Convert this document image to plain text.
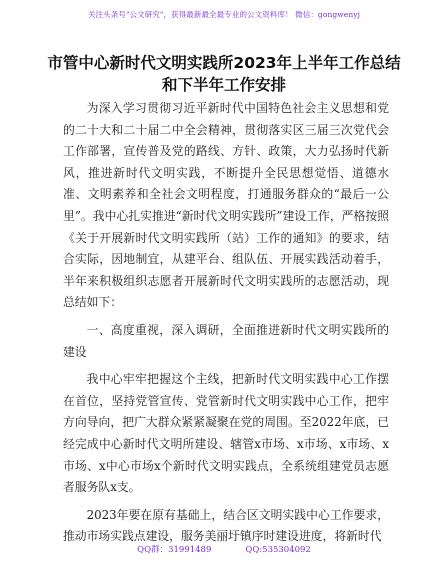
关注头条号"公文研究"，获得最新最全最专业的公文资料库！ 微信：gongwenyj
市管中心新时代文明实践所2023年上半年工作总结和下半年工作安排

为深入学习贯彻习近平新时代中国特色社会主义思想和党的二十大和二十届二中全会精神，贯彻落实区三届三次党代会工作部署，宣传普及党的路线、方针、政策，大力弘扬时代新风，推进新时代文明实践，不断提升全民思想觉悟、道德水准、文明素养和全社会文明程度，打通服务群众的“最后一公里”。我中心扎实推进“新时代文明实践所”建设工作，严格按照《关于开展新时代文明实践所（站）工作的通知》的要求，结合实际，因地制宜，从建平台、组队伍、开展实践活动着手，半年来积极组织志愿者开展新时代文明实践所的志愿活动，现总结如下：

一、高度重视，深入调研，全面推进新时代文明实践所的建设

我中心牢牢把握这个主线，把新时代文明实践中心工作摆在首位，坚持党管宣传、党管新时代文明实践中心工作，把牢方向导向，把广大群众紧紧凝聚在党的周围。至2022年底，已经完成中心新时代文明所建设、辖管x市场、x市场、x市场、x市场、x中心市场x个新时代文明实践点，全系统组建党员志愿者服务队x支。

2023年要在原有基础上，结合区文明实践中心工作要求，推动市场实践点建设，服务美丽圩镇序时建设进度，将新时代

QQ群：31991489	QQ:535304092
